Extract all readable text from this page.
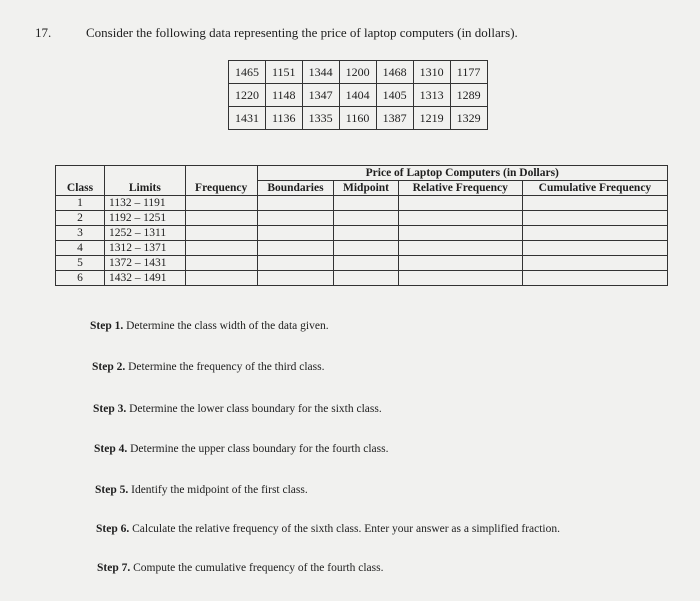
17.	Consider the following data representing the price of laptop computers (in dollars).
1465	1151	1344	1200	1468	1310	1177
1220	1148	1347	1404	1405	1313	1289
1431	1136	1335	1160	1387	1219	1329
Class	Limits	Frequency	Price of Laptop Computers (in Dollars)			
			Boundaries	Midpoint	Relative Frequency	Cumulative Frequency
1	1132 – 1191					
2	1192 – 1251					
3	1252 – 1311					
4	1312 – 1371					
5	1372 – 1431					
6	1432 – 1491					
Step 1. Determine the class width of the data given.
Step 2. Determine the frequency of the third class.
Step 3. Determine the lower class boundary for the sixth class.
Step 4. Determine the upper class boundary for the fourth class.
Step 5. Identify the midpoint of the first class.
Step 6. Calculate the relative frequency of the sixth class. Enter your answer as a simplified fraction.
Step 7. Compute the cumulative frequency of the fourth class.
